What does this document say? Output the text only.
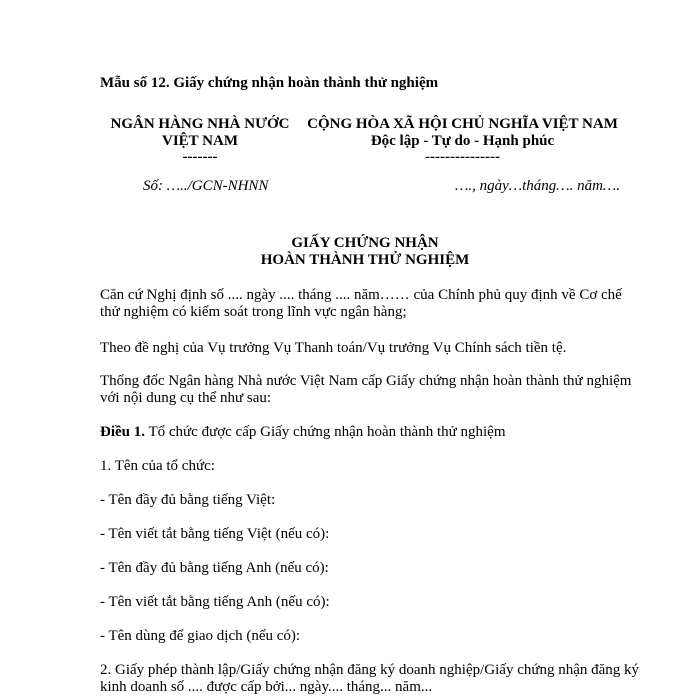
Mẫu số 12. Giấy chứng nhận hoàn thành thử nghiệm
NGÂN HÀNG NHÀ NƯỚC
VIỆT NAM
-------
CỘNG HÒA XÃ HỘI CHỦ NGHĨA VIỆT NAM
Độc lập - Tự do - Hạnh phúc
---------------
Số: …../GCN-NHNN	…., ngày…tháng…. năm….
GIẤY CHỨNG NHẬN
HOÀN THÀNH THỬ NGHIỆM
Căn cứ Nghị định số .... ngày .... tháng .... năm…… của Chính phủ quy định về Cơ chế thử nghiệm có kiểm soát trong lĩnh vực ngân hàng;
Theo đề nghị của Vụ trưởng Vụ Thanh toán/Vụ trưởng Vụ Chính sách tiền tệ.
Thống đốc Ngân hàng Nhà nước Việt Nam cấp Giấy chứng nhận hoàn thành thử nghiệm với nội dung cụ thể như sau:
Điều 1. Tổ chức được cấp Giấy chứng nhận hoàn thành thử nghiệm
1. Tên của tổ chức:
- Tên đầy đủ bằng tiếng Việt:
- Tên viết tắt bằng tiếng Việt (nếu có):
- Tên đầy đủ bằng tiếng Anh (nếu có):
- Tên viết tắt bằng tiếng Anh (nếu có):
- Tên dùng để giao dịch (nếu có):
2. Giấy phép thành lập/Giấy chứng nhận đăng ký doanh nghiệp/Giấy chứng nhận đăng ký kinh doanh số .... được cấp bởi... ngày.... tháng... năm...
